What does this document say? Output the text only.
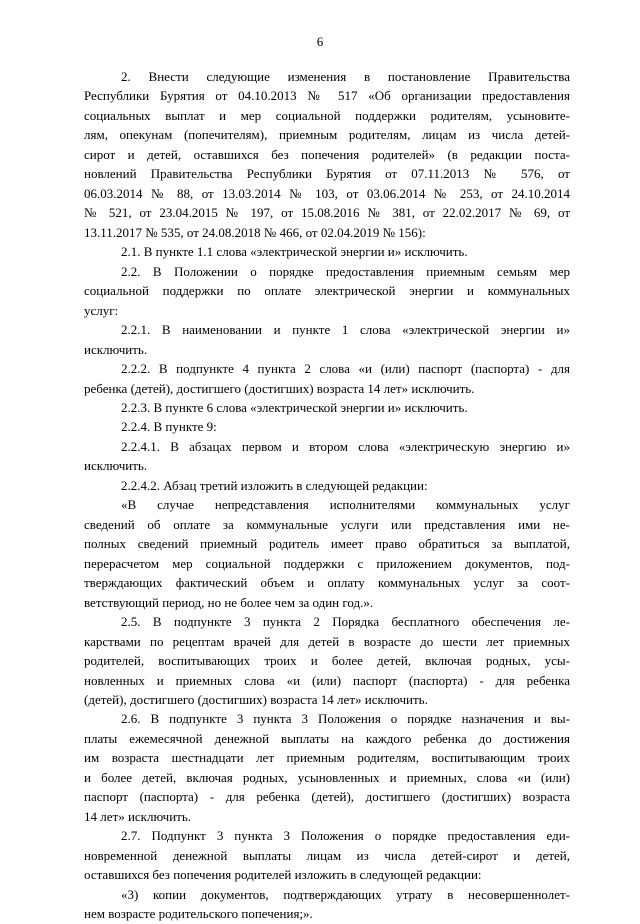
6
2. Внести следующие изменения в постановление Правительства
Республики Бурятия от 04.10.2013 № 517 «Об организации предоставления
социальных выплат и мер социальной поддержки родителям, усыновите-
лям, опекунам (попечителям), приемным родителям, лицам из числа детей-
сирот и детей, оставшихся без попечения родителей» (в редакции поста-
новлений Правительства Республики Бурятия от 07.11.2013 № 576, от
06.03.2014 № 88, от 13.03.2014 № 103, от 03.06.2014 № 253, от 24.10.2014
№ 521, от 23.04.2015 № 197, от 15.08.2016 № 381, от 22.02.2017 № 69, от
13.11.2017 № 535, от 24.08.2018 № 466, от 02.04.2019 № 156):
2.1. В пункте 1.1 слова «электрической энергии и» исключить.
2.2. В Положении о порядке предоставления приемным семьям мер
социальной поддержки по оплате электрической энергии и коммунальных
услуг:
2.2.1. В наименовании и пункте 1 слова «электрической энергии и»
исключить.
2.2.2. В подпункте 4 пункта 2 слова «и (или) паспорт (паспорта) - для
ребенка (детей), достигшего (достигших) возраста 14 лет» исключить.
2.2.3. В пункте 6 слова «электрической энергии и» исключить.
2.2.4. В пункте 9:
2.2.4.1. В абзацах первом и втором слова «электрическую энергию и»
исключить.
2.2.4.2. Абзац третий изложить в следующей редакции:
«В случае непредставления исполнителями коммунальных услуг
сведений об оплате за коммунальные услуги или представления ими не-
полных сведений приемный родитель имеет право обратиться за выплатой,
перерасчетом мер социальной поддержки с приложением документов, под-
тверждающих фактический объем и оплату коммунальных услуг за соот-
ветствующий период, но не более чем за один год.».
2.5. В подпункте 3 пункта 2 Порядка бесплатного обеспечения ле-
карствами по рецептам врачей для детей в возрасте до шести лет приемных
родителей, воспитывающих троих и более детей, включая родных, усы-
новленных и приемных слова «и (или) паспорт (паспорта) - для ребенка
(детей), достигшего (достигших) возраста 14 лет» исключить.
2.6. В подпункте 3 пункта 3 Положения о порядке назначения и вы-
платы ежемесячной денежной выплаты на каждого ребенка до достижения
им возраста шестнадцати лет приемным родителям, воспитывающим троих
и более детей, включая родных, усыновленных и приемных, слова «и (или)
паспорт (паспорта) - для ребенка (детей), достигшего (достигших) возраста
14 лет» исключить.
2.7. Подпункт 3 пункта 3 Положения о порядке предоставления еди-
новременной денежной выплаты лицам из числа детей-сирот и детей,
оставшихся без попечения родителей изложить в следующей редакции:
«3) копии документов, подтверждающих утрату в несовершеннолет-
нем возрасте родительского попечения;».
